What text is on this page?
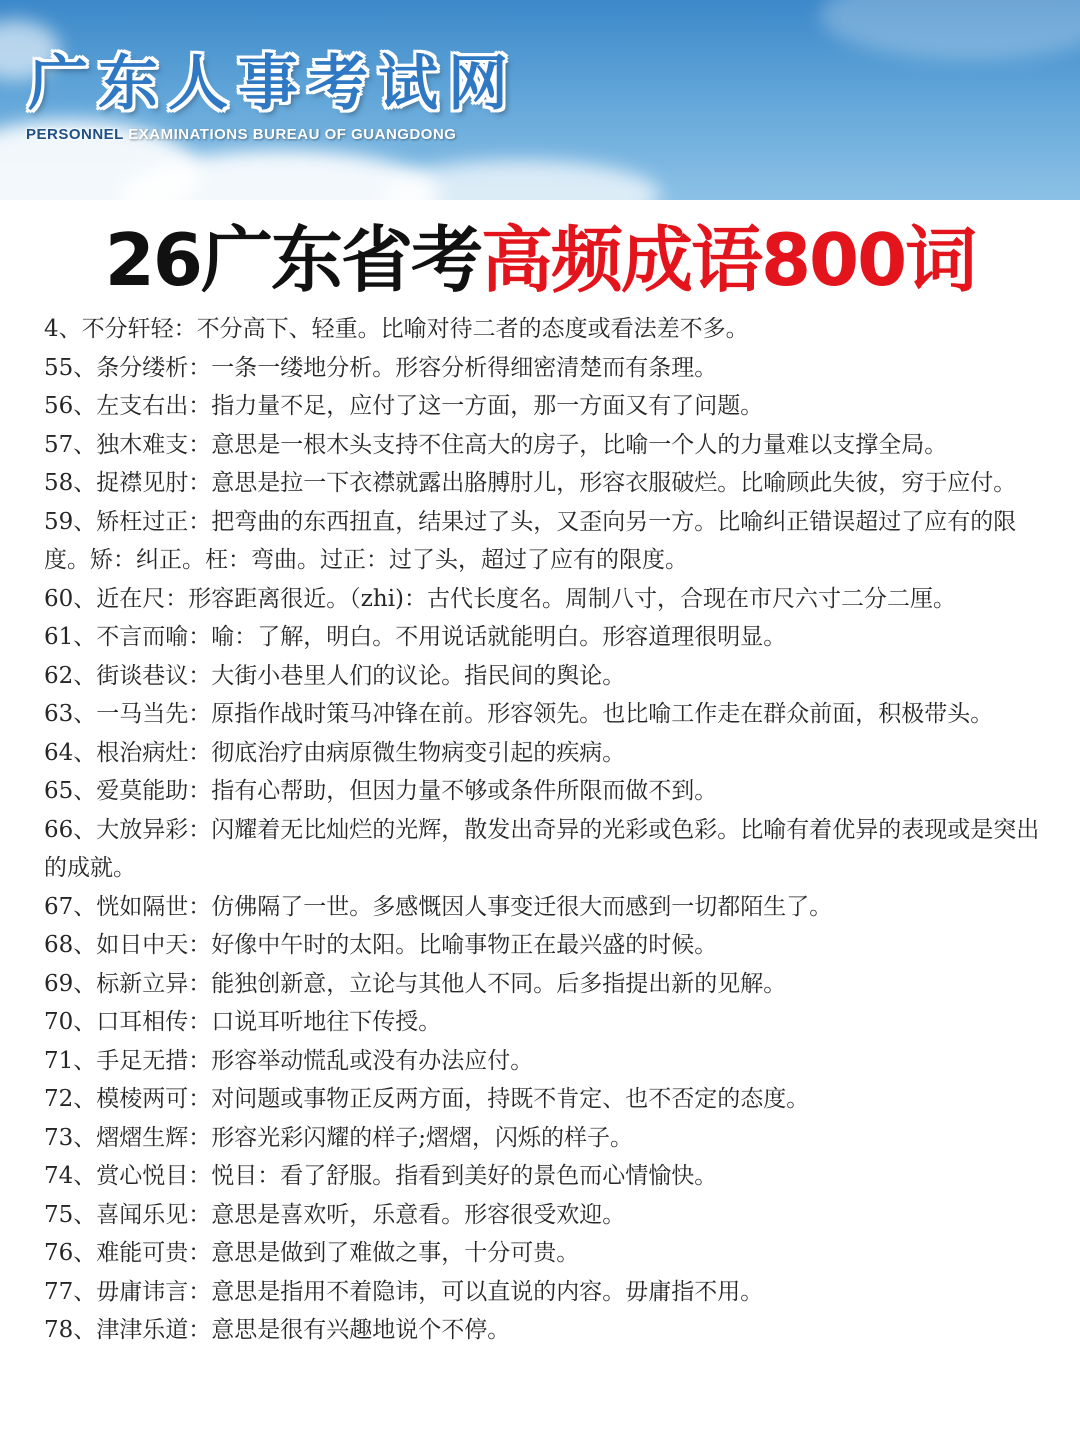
广东人事考试网

PERSONNEL EXAMINATIONS BUREAU OF GUANGDONG

26广东省考高频成语800词
4、不分轩轻：不分高下、轻重。比喻对待二者的态度或看法差不多。
55、条分缕析：一条一缕地分析。形容分析得细密清楚而有条理。
56、左支右出：指力量不足，应付了这一方面，那一方面又有了问题。
57、独木难支：意思是一根木头支持不住高大的房子，比喻一个人的力量难以支撑全局。
58、捉襟见肘：意思是拉一下衣襟就露出胳膊肘儿，形容衣服破烂。比喻顾此失彼，穷于应付。
59、矫枉过正：把弯曲的东西扭直，结果过了头，又歪向另一方。比喻纠正错误超过了应有的限度。矫：纠正。枉：弯曲。过正：过了头，超过了应有的限度。
60、近在尺：形容距离很近。（zhi)：古代长度名。周制八寸，合现在市尺六寸二分二厘。
61、不言而喻：喻：了解，明白。不用说话就能明白。形容道理很明显。
62、街谈巷议：大街小巷里人们的议论。指民间的舆论。
63、一马当先：原指作战时策马冲锋在前。形容领先。也比喻工作走在群众前面，积极带头。
64、根治病灶：彻底治疗由病原微生物病变引起的疾病。
65、爱莫能助：指有心帮助，但因力量不够或条件所限而做不到。
66、大放异彩：闪耀着无比灿烂的光辉，散发出奇异的光彩或色彩。比喻有着优异的表现或是突出的成就。
67、恍如隔世：仿佛隔了一世。多感慨因人事变迁很大而感到一切都陌生了。
68、如日中天：好像中午时的太阳。比喻事物正在最兴盛的时候。
69、标新立异：能独创新意，立论与其他人不同。后多指提出新的见解。
70、口耳相传：口说耳听地往下传授。
71、手足无措：形容举动慌乱或没有办法应付。
72、模棱两可：对问题或事物正反两方面，持既不肯定、也不否定的态度。
73、熠熠生辉：形容光彩闪耀的样子;熠熠，闪烁的样子。
74、赏心悦目：悦目：看了舒服。指看到美好的景色而心情愉快。
75、喜闻乐见：意思是喜欢听，乐意看。形容很受欢迎。
76、难能可贵：意思是做到了难做之事，十分可贵。
77、毋庸讳言：意思是指用不着隐讳，可以直说的内容。毋庸指不用。
78、津津乐道：意思是很有兴趣地说个不停。
